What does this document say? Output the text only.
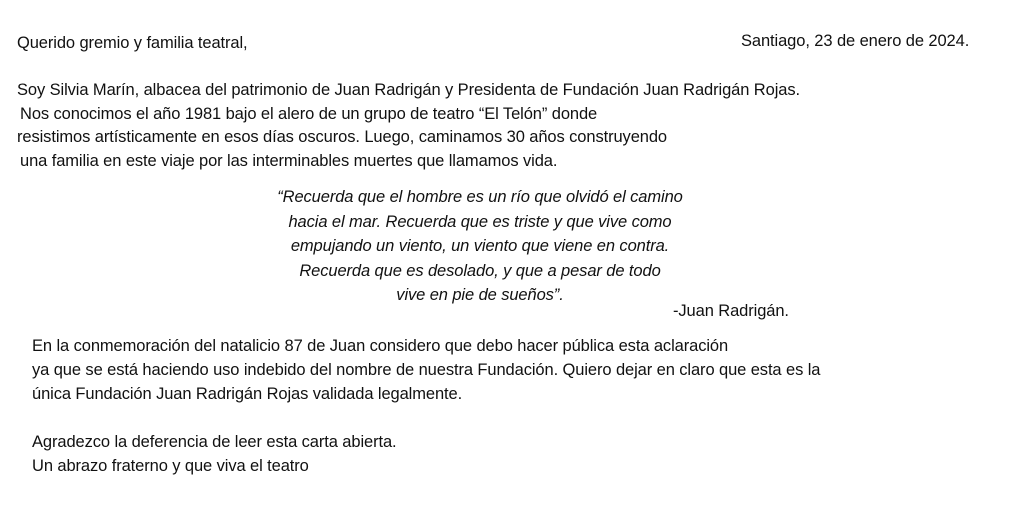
Querido gremio y familia teatral,	Santiago, 23 de enero de 2024.
Soy Silvia Marín, albacea del patrimonio de Juan Radrigán y Presidenta de Fundación Juan Radrigán Rojas.
Nos conocimos el año 1981 bajo el alero de un grupo de teatro “El Telón” donde
resistimos artísticamente en esos días oscuros. Luego, caminamos 30 años construyendo
una familia en este viaje por las interminables muertes que llamamos vida.
“Recuerda que el hombre es un río que olvidó el camino
hacia el mar. Recuerda que es triste y que vive como
empujando un viento, un viento que viene en contra.
Recuerda que es desolado, y que a pesar de todo
vive en pie de sueños”.
-Juan Radrigán.
En la conmemoración del natalicio 87 de Juan considero que debo hacer pública esta aclaración
ya que se está haciendo uso indebido del nombre de nuestra Fundación. Quiero dejar en claro que esta es la
única Fundación Juan Radrigán Rojas validada legalmente.
Agradezco la deferencia de leer esta carta abierta.
Un abrazo fraterno y que viva el teatro
